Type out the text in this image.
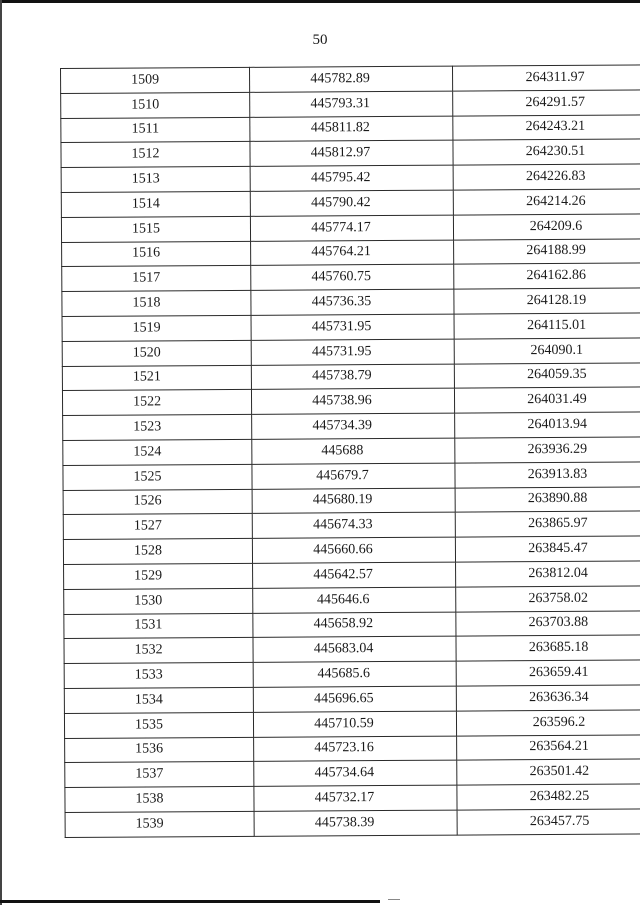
50
1509	445782.89	264311.97
1510	445793.31	264291.57
1511	445811.82	264243.21
1512	445812.97	264230.51
1513	445795.42	264226.83
1514	445790.42	264214.26
1515	445774.17	264209.6
1516	445764.21	264188.99
1517	445760.75	264162.86
1518	445736.35	264128.19
1519	445731.95	264115.01
1520	445731.95	264090.1
1521	445738.79	264059.35
1522	445738.96	264031.49
1523	445734.39	264013.94
1524	445688	263936.29
1525	445679.7	263913.83
1526	445680.19	263890.88
1527	445674.33	263865.97
1528	445660.66	263845.47
1529	445642.57	263812.04
1530	445646.6	263758.02
1531	445658.92	263703.88
1532	445683.04	263685.18
1533	445685.6	263659.41
1534	445696.65	263636.34
1535	445710.59	263596.2
1536	445723.16	263564.21
1537	445734.64	263501.42
1538	445732.17	263482.25
1539	445738.39	263457.75
